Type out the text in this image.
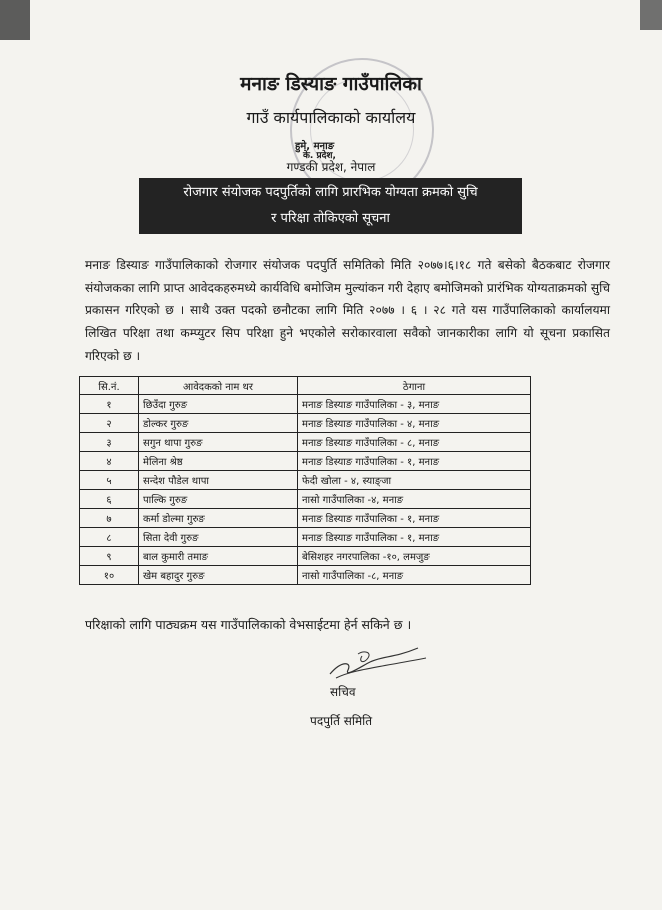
मनाङ डिस्याङ गाउँपालिका
गाउँ कार्यपालिकाको कार्यालय
हुमे, मनाङ
के. प्रदेश,
गण्डकी प्रदेश, नेपाल
रोजगार संयोजक पदपुर्तिको लागि प्रारभिक योग्यता क्रमको सुचि
र परिक्षा तोकिएको सूचना
मनाङ डिस्याङ गाउँपालिकाको रोजगार संयोजक पदपुर्ति समितिको मिति २०७७।६।१८ गते बसेको बैठकबाट रोजगार संयोजकका लागि प्राप्त आवेदकहरुमध्ये कार्यविधि बमोजिम मुल्यांकन गरी देहाए बमोजिमको प्रारंभिक योग्यताक्रमको सुचि प्रकासन गरिएको छ । साथै उक्त पदको छनौटका लागि मिति २०७७ । ६ । २८ गते यस गाउँपालिकाको कार्यालयमा लिखित परिक्षा तथा कम्प्युटर सिप परिक्षा हुने भएकोले सरोकारवाला सवैको जानकारीका लागि यो सूचना प्रकासित गरिएको छ ।
सि.नं.	आवेदकको नाम थर	ठेगाना
१	छिउँदा गुरुङ	मनाङ डिस्याङ गाउँपालिका - ३, मनाङ
२	डोल्कर गुरुङ	मनाङ डिस्याङ गाउँपालिका - ४, मनाङ
३	सगुन थापा गुरुङ	मनाङ डिस्याङ गाउँपालिका - ८, मनाङ
४	मेलिना श्रेष्ठ	मनाङ डिस्याङ गाउँपालिका - १, मनाङ
५	सन्देश पौडेल थापा	फेदी खोला - ४, स्याङ्जा
६	पाल्कि गुरुङ	नासो गाउँपालिका -४, मनाङ
७	कर्मा डोल्मा गुरुङ	मनाङ डिस्याङ गाउँपालिका - १, मनाङ
८	सिता देवी गुरुङ	मनाङ डिस्याङ गाउँपालिका - १, मनाङ
९	बाल कुमारी तमाङ	बेसिशहर नगरपालिका -१०, लमजुङ
१०	खेम बहादुर गुरुङ	नासो गाउँपालिका -८, मनाङ
परिक्षाको लागि पाठ्यक्रम यस गाउँपालिकाको वेभसाईटमा हेर्न सकिने छ ।
सचिव
पदपुर्ति समिति
